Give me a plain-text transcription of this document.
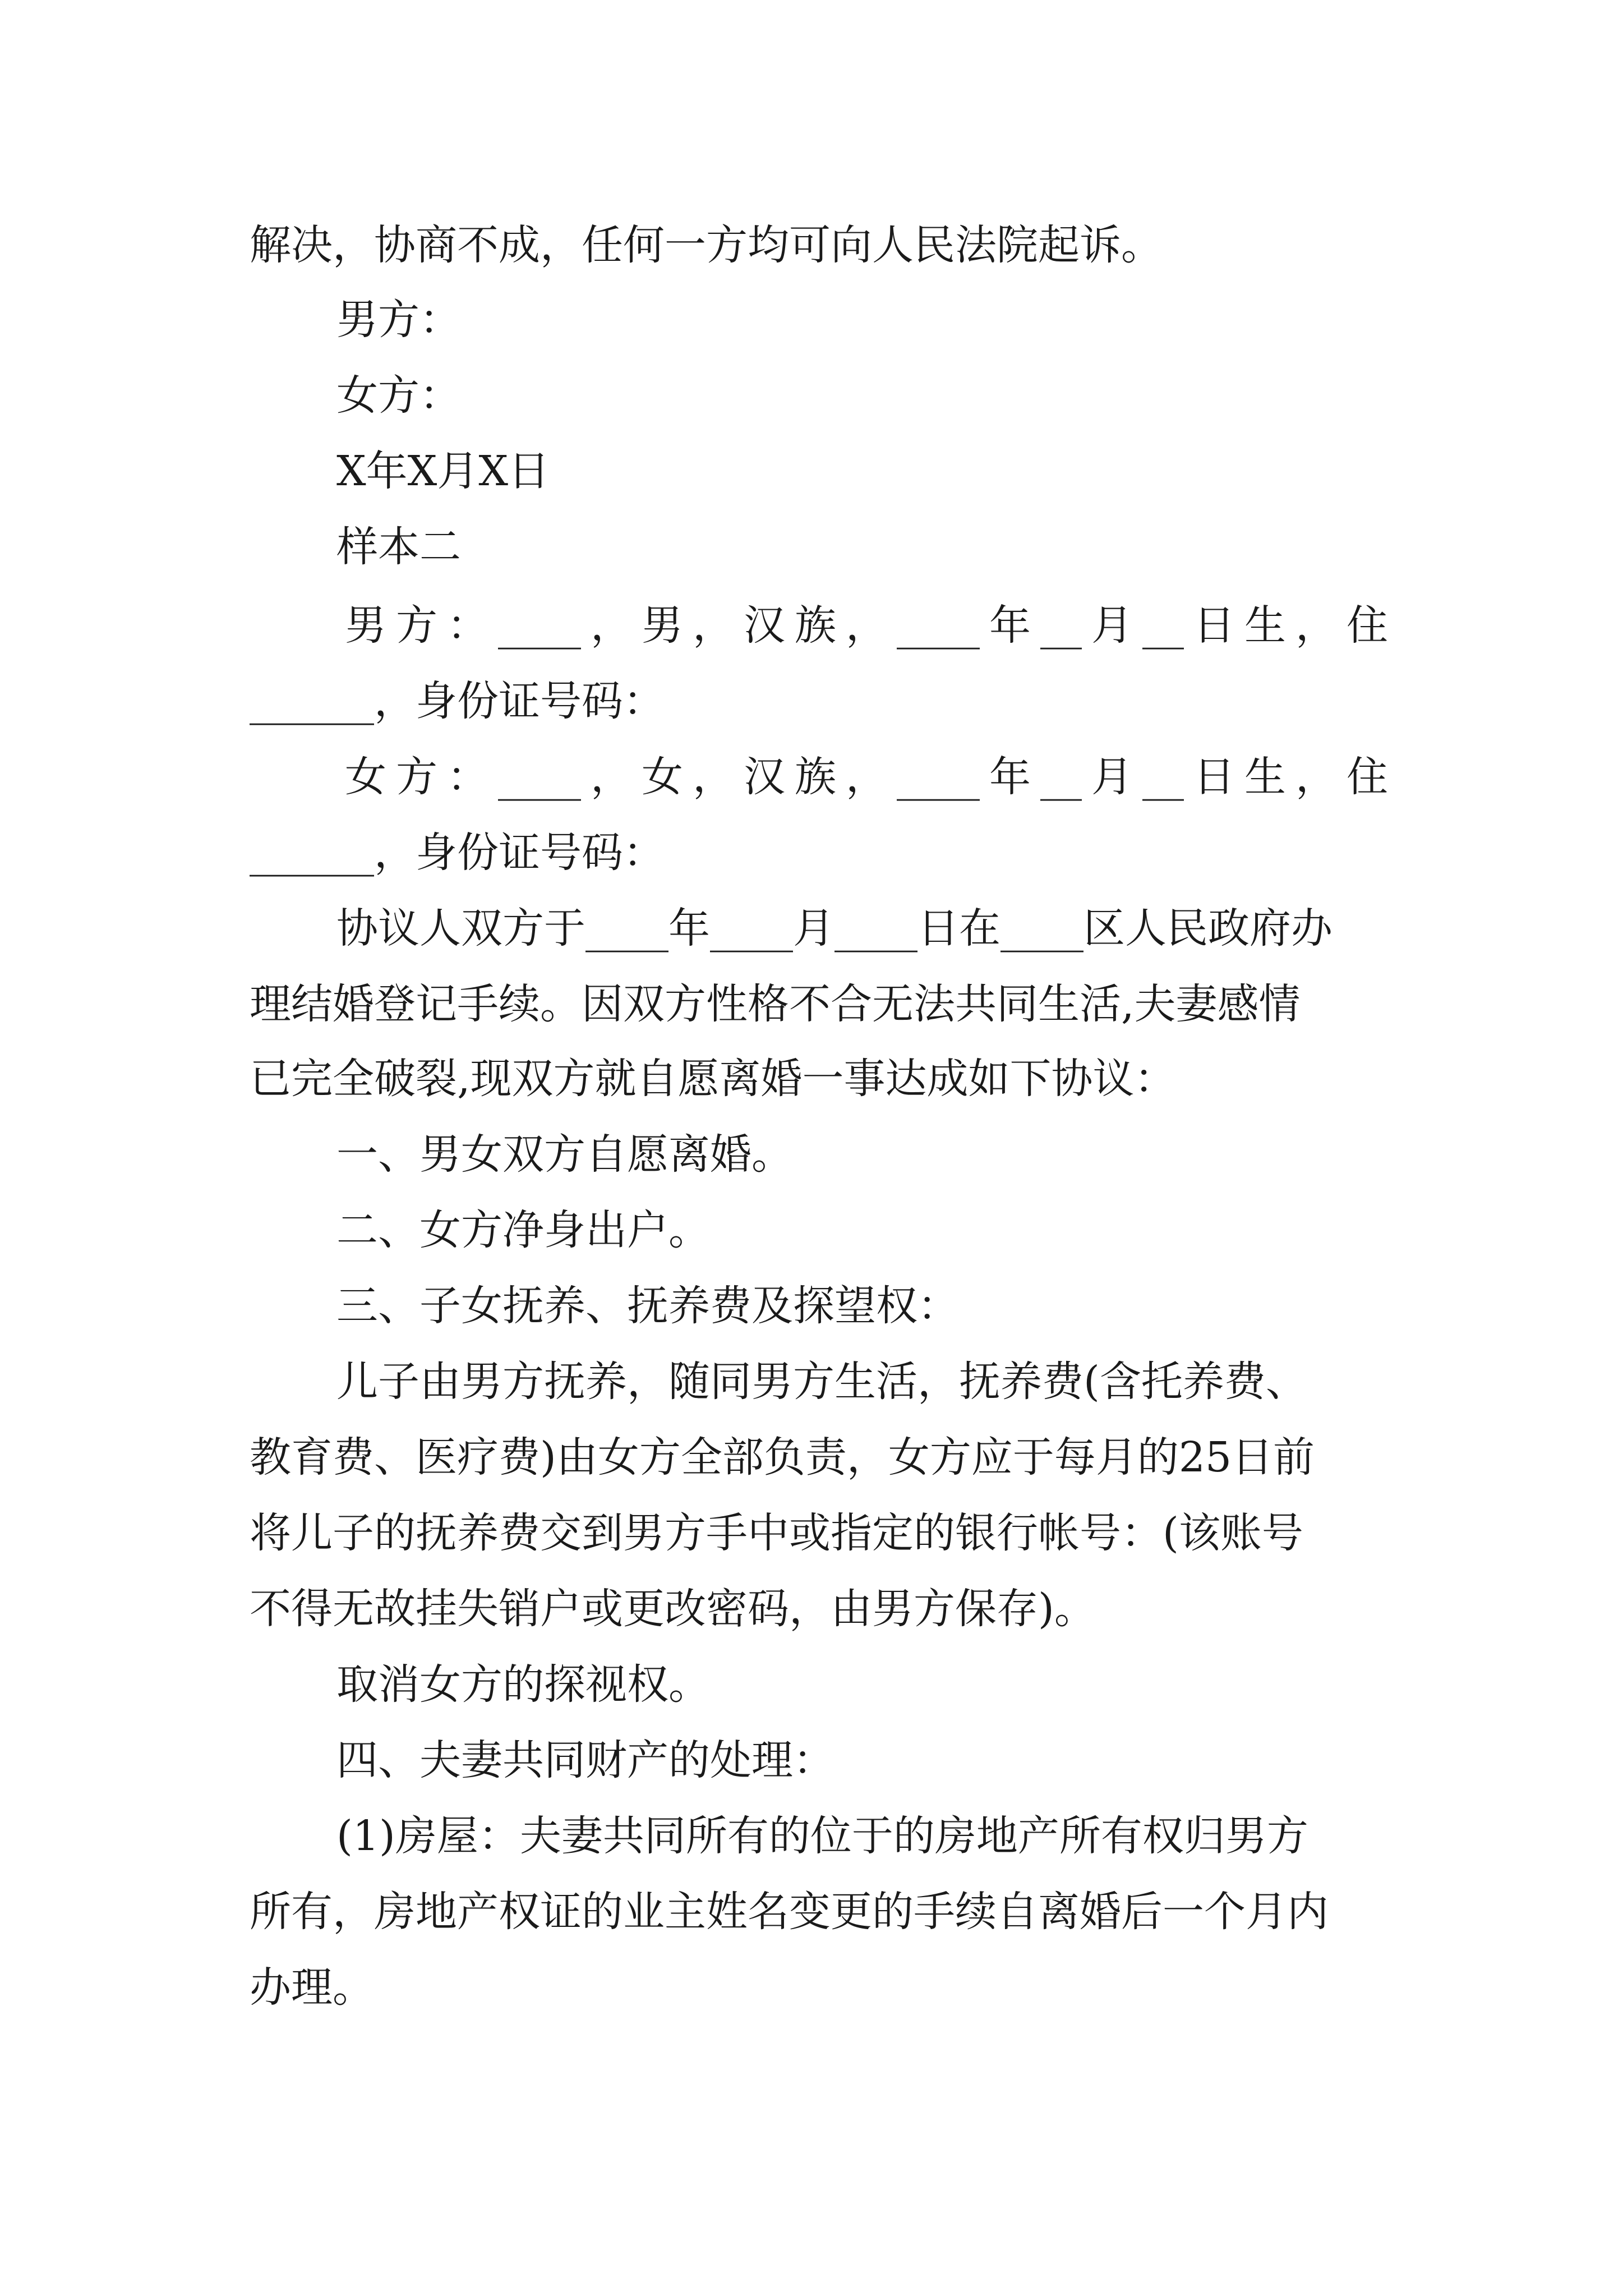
解决，协商不成，任何一方均可向人民法院起诉。
男方：
女方：
X年X月X日
样本二
男方：____，男，汉族，____年__月__日生，住
______，身份证号码：
女方：____，女，汉族，____年__月__日生，住
______，身份证号码：
协议人双方于____年____月____日在____区人民政府办
理结婚登记手续。因双方性格不合无法共同生活,夫妻感情
已完全破裂,现双方就自愿离婚一事达成如下协议：
一、男女双方自愿离婚。
二、女方净身出户。
三、子女抚养、抚养费及探望权：
儿子由男方抚养，随同男方生活，抚养费(含托养费、
教育费、医疗费)由女方全部负责，女方应于每月的25日前
将儿子的抚养费交到男方手中或指定的银行帐号：(该账号
不得无故挂失销户或更改密码，由男方保存)。
取消女方的探视权。
四、夫妻共同财产的处理：
(1)房屋：夫妻共同所有的位于的房地产所有权归男方
所有，房地产权证的业主姓名变更的手续自离婚后一个月内
办理。
